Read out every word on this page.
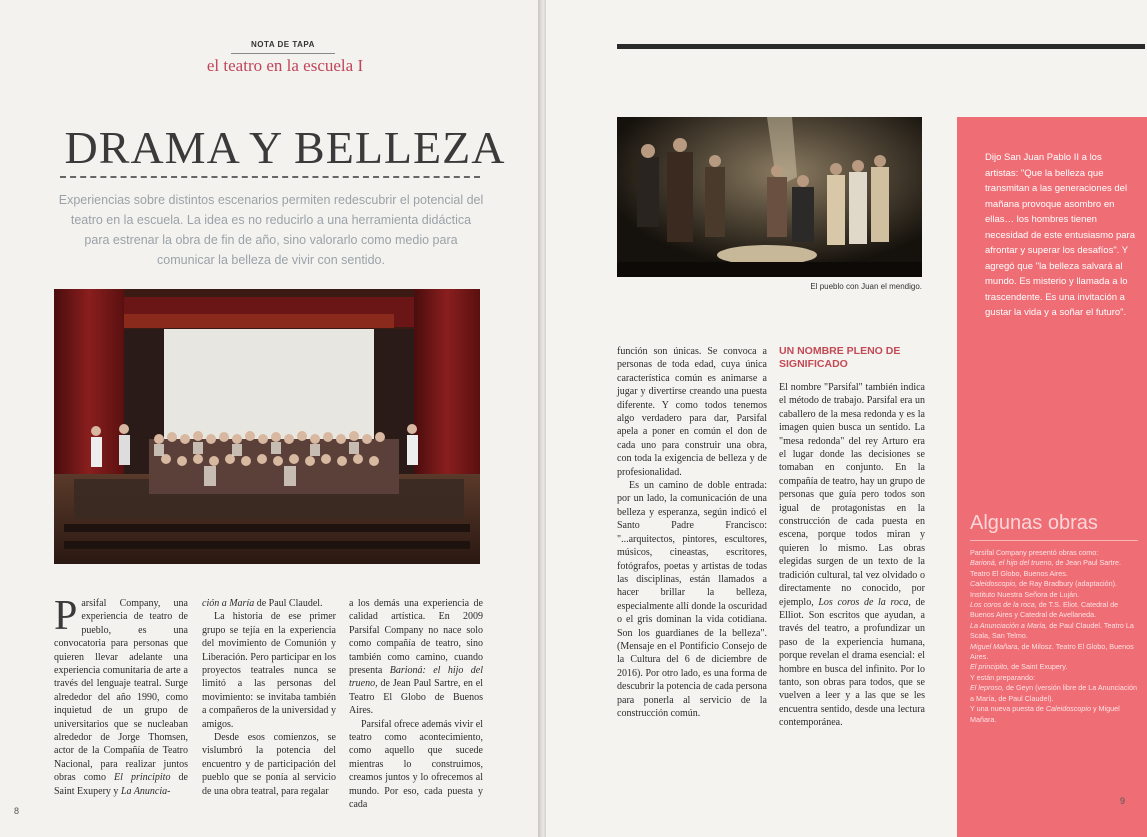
NOTA DE TAPA
el teatro en la escuela I
DRAMA Y BELLEZA
Experiencias sobre distintos escenarios permiten redescubrir el potencial del teatro en la escuela. La idea es no reducirlo a una herramienta didáctica para estrenar la obra de fin de año, sino valorarlo como medio para comunicar la belleza de vivir con sentido.

Parsifal Company, una experiencia de teatro de pueblo, es una convocatoria para personas que quieren llevar adelante una experiencia comunitaria de arte a través del lenguaje teatral. Surge alrededor del año 1990, como inquietud de un grupo de universitarios que se nucleaban alrededor de Jorge Thomsen, actor de la Compañía de Teatro Nacional, para realizar juntos obras como El principito de Saint Exupery y La Anuncia-

ción a María de Paul Claudel.

La historia de ese primer grupo se tejía en la experiencia del movimiento de Comunión y Liberación. Pero participar en los proyectos teatrales nunca se limitó a las personas del movimiento: se invitaba también a compañeros de la universidad y amigos.

Desde esos comienzos, se vislumbró la potencia del encuentro y de participación del pueblo que se ponía al servicio de una obra teatral, para regalar

a los demás una experiencia de calidad artística. En 2009 Parsifal Company no nace solo como compañía de teatro, sino también como camino, cuando presenta Barioná: el hijo del trueno, de Jean Paul Sartre, en el Teatro El Globo de Buenos Aires.

Parsifal ofrece además vivir el teatro como acontecimiento, como aquello que sucede mientras lo construimos, creamos juntos y lo ofrecemos al mundo. Por eso, cada puesta y cada

8
El pueblo con Juan el mendigo.

función son únicas. Se convoca a personas de toda edad, cuya única característica común es animarse a jugar y divertirse creando una puesta diferente. Y como todos tenemos algo verdadero para dar, Parsifal apela a poner en común el don de cada uno para construir una obra, con toda la exigencia de belleza y de profesionalidad.

Es un camino de doble entrada: por un lado, la comunicación de una belleza y esperanza, según indicó el Santo Padre Francisco: "...arquitectos, pintores, escultores, músicos, cineastas, escritores, fotógrafos, poetas y artistas de todas las disciplinas, están llamados a hacer brillar la belleza, especialmente allí donde la oscuridad o el gris dominan la vida cotidiana. Son los guardianes de la belleza". (Mensaje en el Pontificio Consejo de la Cultura del 6 de diciembre de 2016). Por otro lado, es una forma de descubrir la potencia de cada persona para ponerla al servicio de la construcción común.

UN NOMBRE PLENO DE SIGNIFICADO

El nombre "Parsifal" también indica el método de trabajo. Parsifal era un caballero de la mesa redonda y es la imagen quien busca un sentido. La "mesa redonda" del rey Arturo era el lugar donde las decisiones se tomaban en conjunto. En la compañía de teatro, hay un grupo de personas que guía pero todos son igual de protagonistas en la construcción de cada puesta en escena, porque todos miran y quieren lo mismo. Las obras elegidas surgen de un texto de la tradición cultural, tal vez olvidado o directamente no conocido, por ejemplo, Los coros de la roca, de Elliot. Son escritos que ayudan, a través del teatro, a profundizar un paso de la experiencia humana, porque revelan el drama esencial: el hombre en busca del infinito. Por lo tanto, son obras para todos, que se vuelven a leer y a las que se les encuentra sentido, desde una lectura contemporánea.

Dijo San Juan Pablo II a los artistas: "Que la belleza que transmitan a las generaciones del mañana provoque asombro en ellas… los hombres tienen necesidad de este entusiasmo para afrontar y superar los desafíos". Y agregó que "la belleza salvará al mundo. Es misterio y llamada a lo trascendente. Es una invitación a gustar la vida y a soñar el futuro".
Algunas obras
Parsifal Company presentó obras como:
Barioná, el hijo del trueno, de Jean Paul Sartre. Teatro El Globo, Buenos Aires.
Caleidoscopio, de Ray Bradbury (adaptación). Instituto Nuestra Señora de Luján.
Los coros de la roca, de T.S. Eliot. Catedral de Buenos Aires y Catedral de Avellaneda.
La Anunciación a María, de Paul Claudel. Teatro La Scala, San Telmo.
Miguel Mañara, de Milosz. Teatro El Globo, Buenos Aires.
El principito, de Saint Exupery.
Y están preparando:
El leproso, de Geyn (versión libre de La Anunciación a María, de Paul Claudel).
Y una nueva puesta de Caleidoscopio y Miguel Mañara.
9
